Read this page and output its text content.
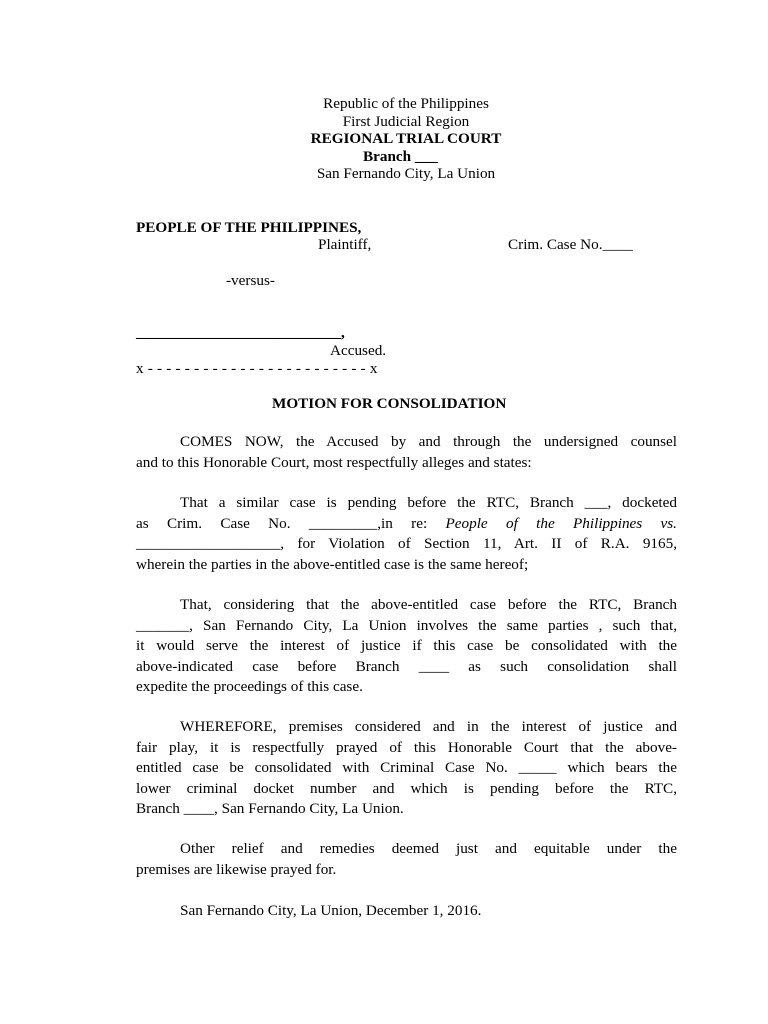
Republic of the Philippines
First Judicial Region
REGIONAL TRIAL COURT
Branch ___
San Fernando City, La Union
PEOPLE OF THE PHILIPPINES,
Plaintiff,	Crim. Case No.____
-versus-
___________________________,
Accused.
x - - - - - - - - - - - - - - - - - - - - - - - - x
MOTION FOR CONSOLIDATION
COMES NOW, the Accused by and through the undersigned counsel
and to this Honorable Court, most respectfully alleges and states:
That a similar case is pending before the RTC, Branch ___, docketed
as Crim. Case No. _________,in re: People of the Philippines vs.
___________________, for Violation of Section 11, Art. II of R.A. 9165,
wherein the parties in the above-entitled case is the same hereof;
That, considering that the above-entitled case before the RTC, Branch
_______, San Fernando City, La Union involves the same parties , such that,
it would serve the interest of justice if this case be consolidated with the
above-indicated case before Branch ____ as such consolidation shall
expedite the proceedings of this case.
WHEREFORE, premises considered and in the interest of justice and
fair play, it is respectfully prayed of this Honorable Court that the above-
entitled case be consolidated with Criminal Case No. _____ which bears the
lower criminal docket number and which is pending before the RTC,
Branch ____, San Fernando City, La Union.
Other relief and remedies deemed just and equitable under the
premises are likewise prayed for.
San Fernando City, La Union, December 1, 2016.
